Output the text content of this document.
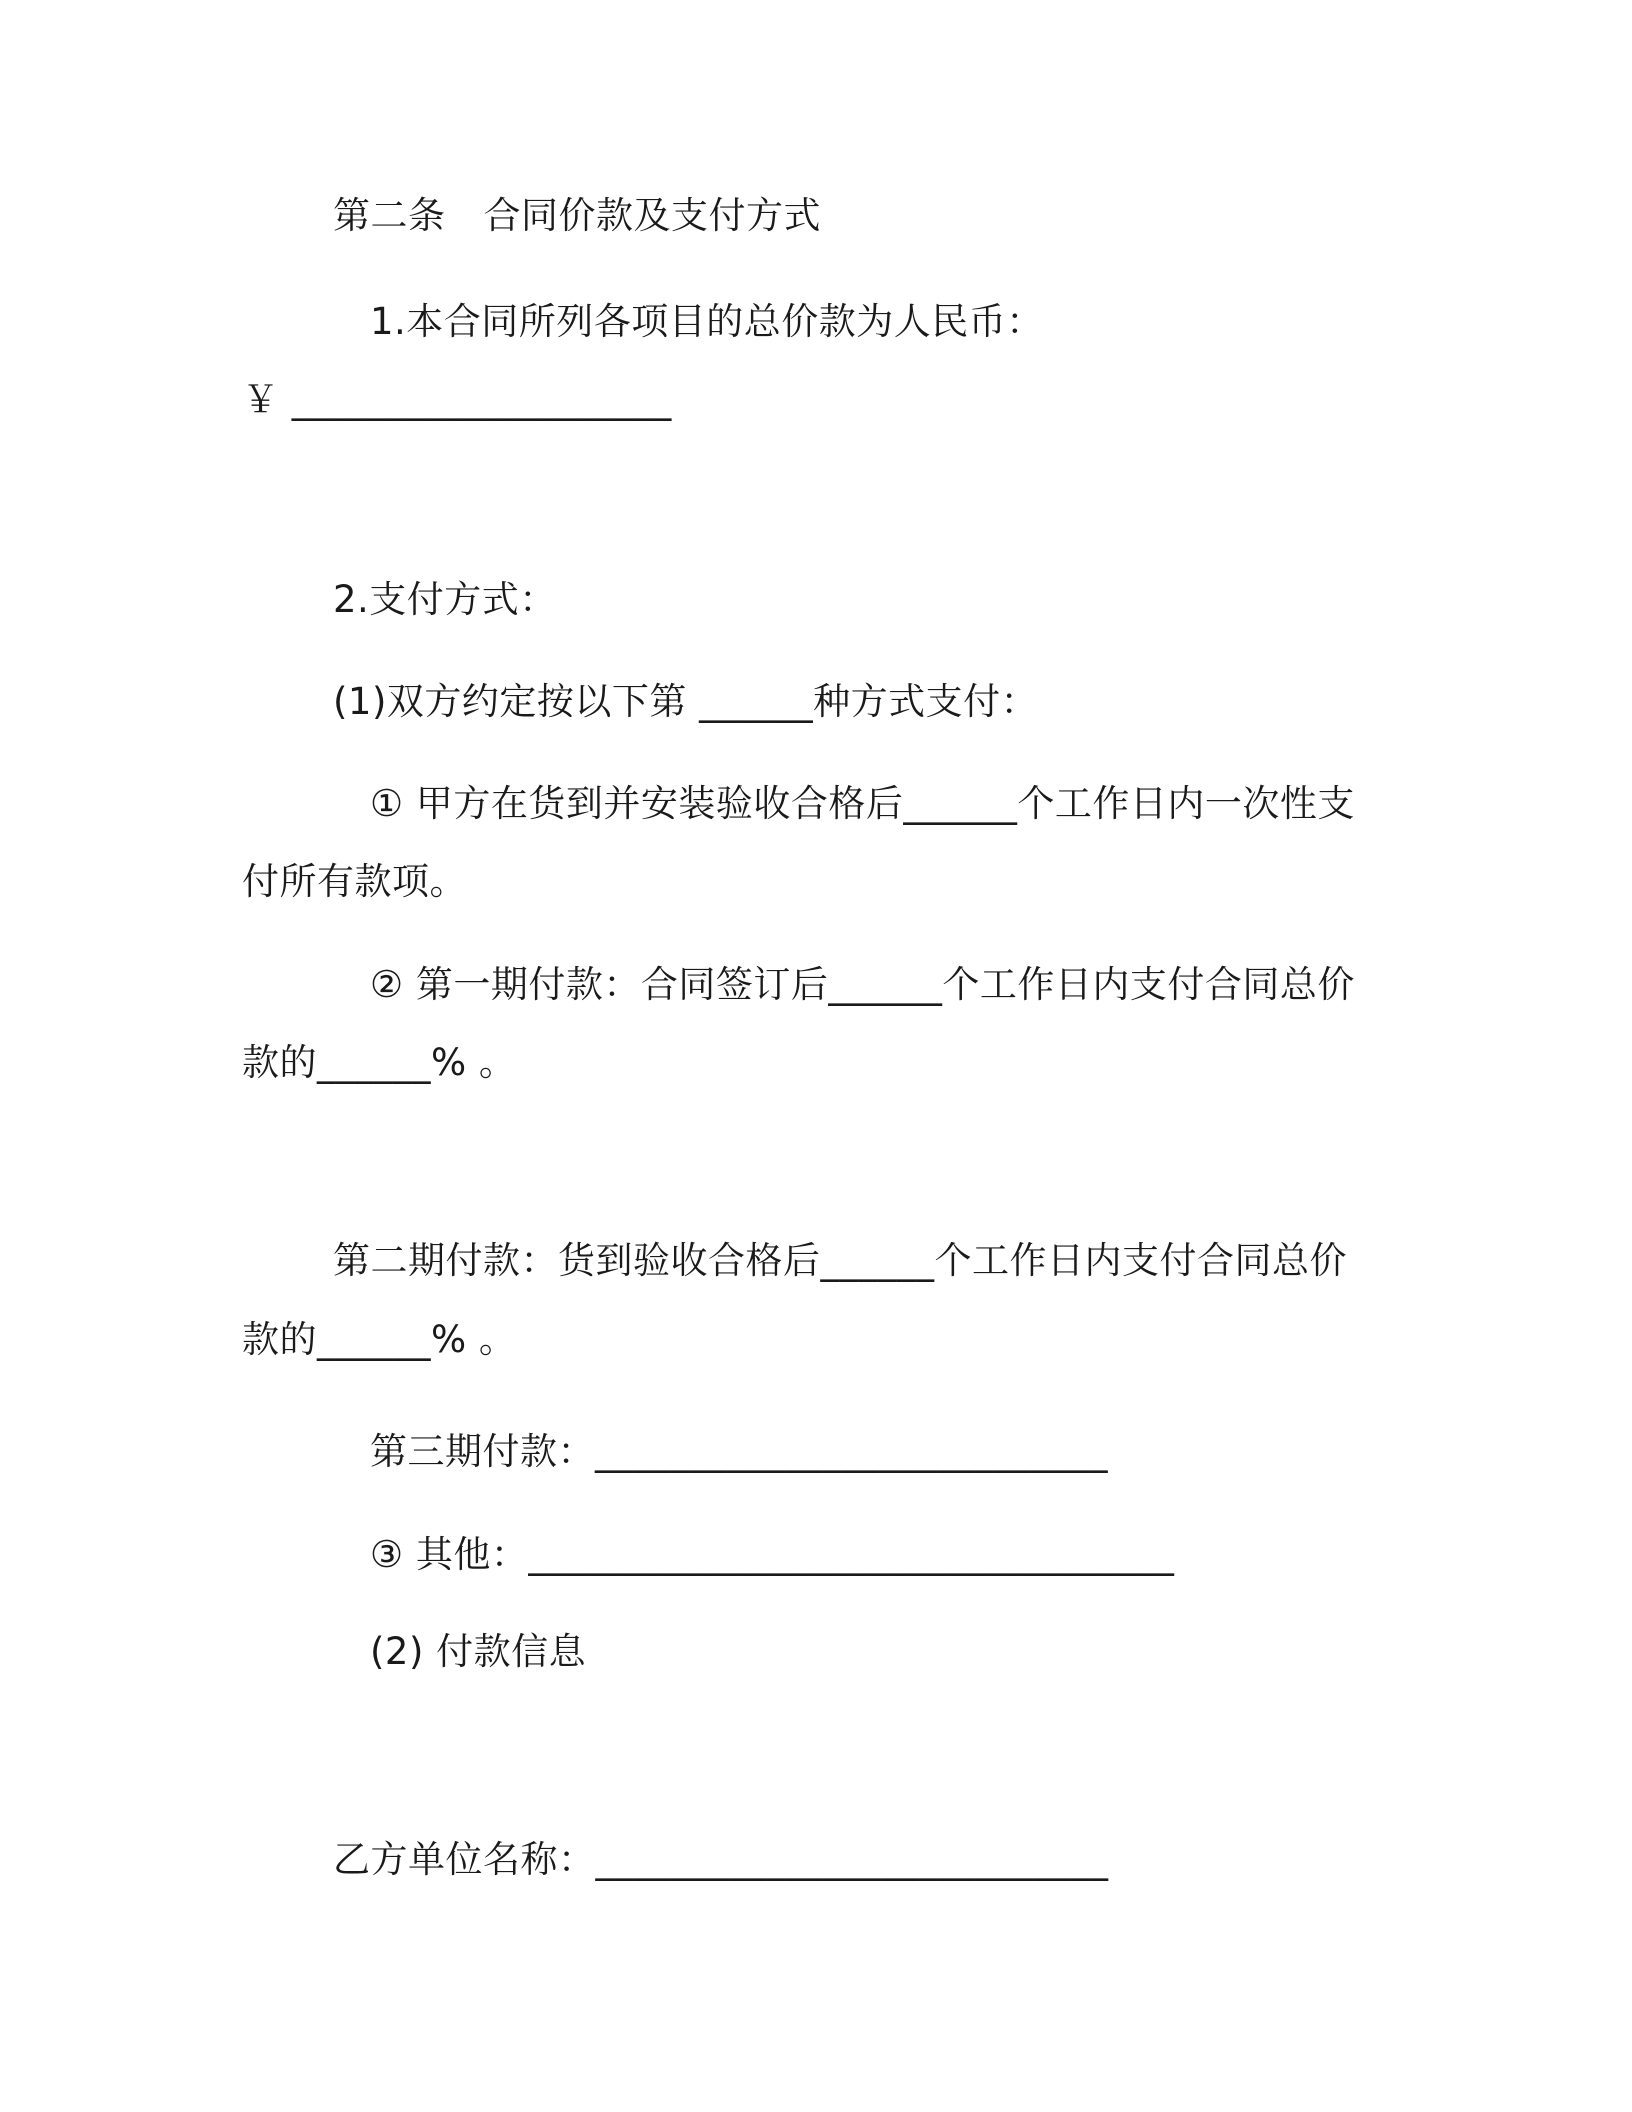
第二条 合同价款及支付方式
1.本合同所列各项目的总价款为人民币：
￥ ____________________
2.支付方式：
(1)双方约定按以下第 ______种方式支付：
① 甲方在货到并安装验收合格后______个工作日内一次性支
付所有款项。
② 第一期付款：合同签订后______个工作日内支付合同总价
款的______% 。
第二期付款：货到验收合格后______个工作日内支付合同总价
款的______% 。
第三期付款：___________________________
③ 其他：__________________________________
(2) 付款信息
乙方单位名称：___________________________
